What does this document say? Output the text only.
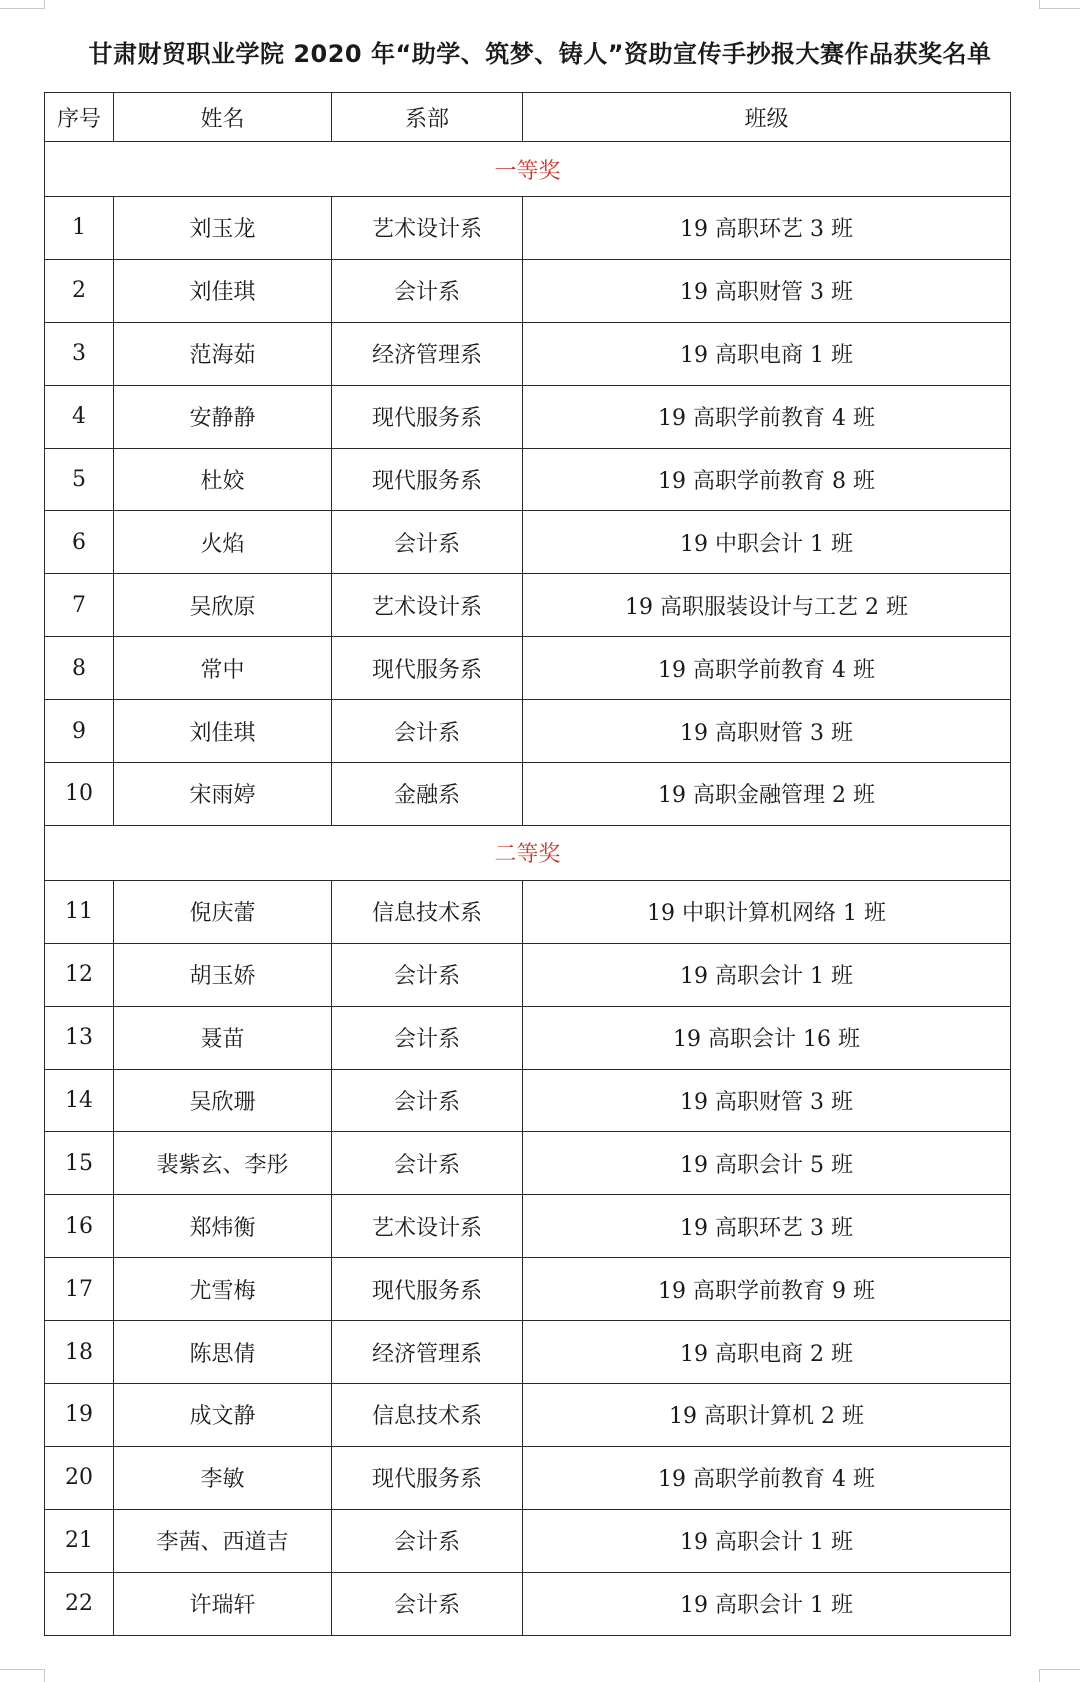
甘肃财贸职业学院 2020 年“助学、筑梦、铸人”资助宣传手抄报大赛作品获奖名单
序号	姓名	系部	班级
一等奖			
1	刘玉龙	艺术设计系	19 高职环艺 3 班
2	刘佳琪	会计系	19 高职财管 3 班
3	范海茹	经济管理系	19 高职电商 1 班
4	安静静	现代服务系	19 高职学前教育 4 班
5	杜姣	现代服务系	19 高职学前教育 8 班
6	火焰	会计系	19 中职会计 1 班
7	吴欣原	艺术设计系	19 高职服装设计与工艺 2 班
8	常中	现代服务系	19 高职学前教育 4 班
9	刘佳琪	会计系	19 高职财管 3 班
10	宋雨婷	金融系	19 高职金融管理 2 班
二等奖			
11	倪庆蕾	信息技术系	19 中职计算机网络 1 班
12	胡玉娇	会计系	19 高职会计 1 班
13	聂苗	会计系	19 高职会计 16 班
14	吴欣珊	会计系	19 高职财管 3 班
15	裴紫玄、李彤	会计系	19 高职会计 5 班
16	郑炜衡	艺术设计系	19 高职环艺 3 班
17	尤雪梅	现代服务系	19 高职学前教育 9 班
18	陈思倩	经济管理系	19 高职电商 2 班
19	成文静	信息技术系	19 高职计算机 2 班
20	李敏	现代服务系	19 高职学前教育 4 班
21	李茜、西道吉	会计系	19 高职会计 1 班
22	许瑞轩	会计系	19 高职会计 1 班
